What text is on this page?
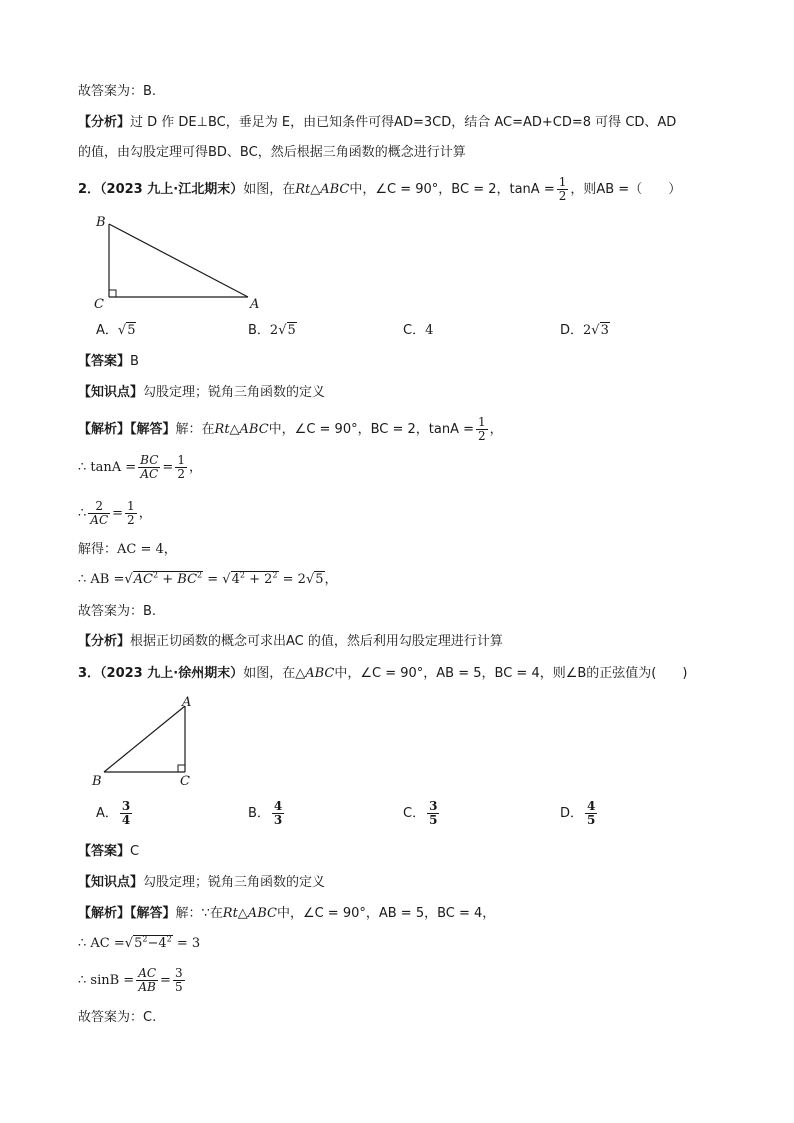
故答案为：B.
【分析】过 D 作 DE⊥BC，垂足为 E，由已知条件可得AD=3CD，结合 AC=AD+CD=8 可得 CD、AD
的值，由勾股定理可得BD、BC，然后根据三角函数的概念进行计算
2．（2023 九上·江北期末）如图，在Rt△ABC中，∠C = 90°，BC = 2，$\tan A = \frac{1}{2}$ ，则AB =（　　）
B
C	A
A．√5	B．2√5	C．4	D．2√3
【答案】B
【知识点】勾股定理；锐角三角函数的定义
【解析】【解答】解：在Rt△ABC中，∠C = 90°，BC = 2，$\tan A = \frac{1}{2}$ ，
∴ $\tan A = \frac{BC}{AC} = \frac{1}{2}$ ，
∴ $\frac{2}{AC} = \frac{1}{2}$ ，
解得：AC = 4，
∴ AB $=√AC^2 + BC^2 = √4^2 + 2^2 = 2√5$，
故答案为：B.
【分析】根据正切函数的概念可求出AC 的值，然后利用勾股定理进行计算
3．（2023 九上·徐州期末）如图，在△ABC中，∠C = 90°，AB = 5，BC = 4，则∠B的正弦值为(　　)
A
B	C
A． $\frac{3}{4}$	B． $\frac{4}{3}$	C． $\frac{3}{5}$	D． $\frac{4}{5}$
【答案】C
【知识点】勾股定理；锐角三角函数的定义
【解析】【解答】解：∵在Rt△ABC中，∠C = 90°，AB = 5，BC = 4，
∴ AC $=√5^2-4^2 = 3$
∴ $\sin B = \frac{AC}{AB} = \frac{3}{5}$
故答案为：C.
